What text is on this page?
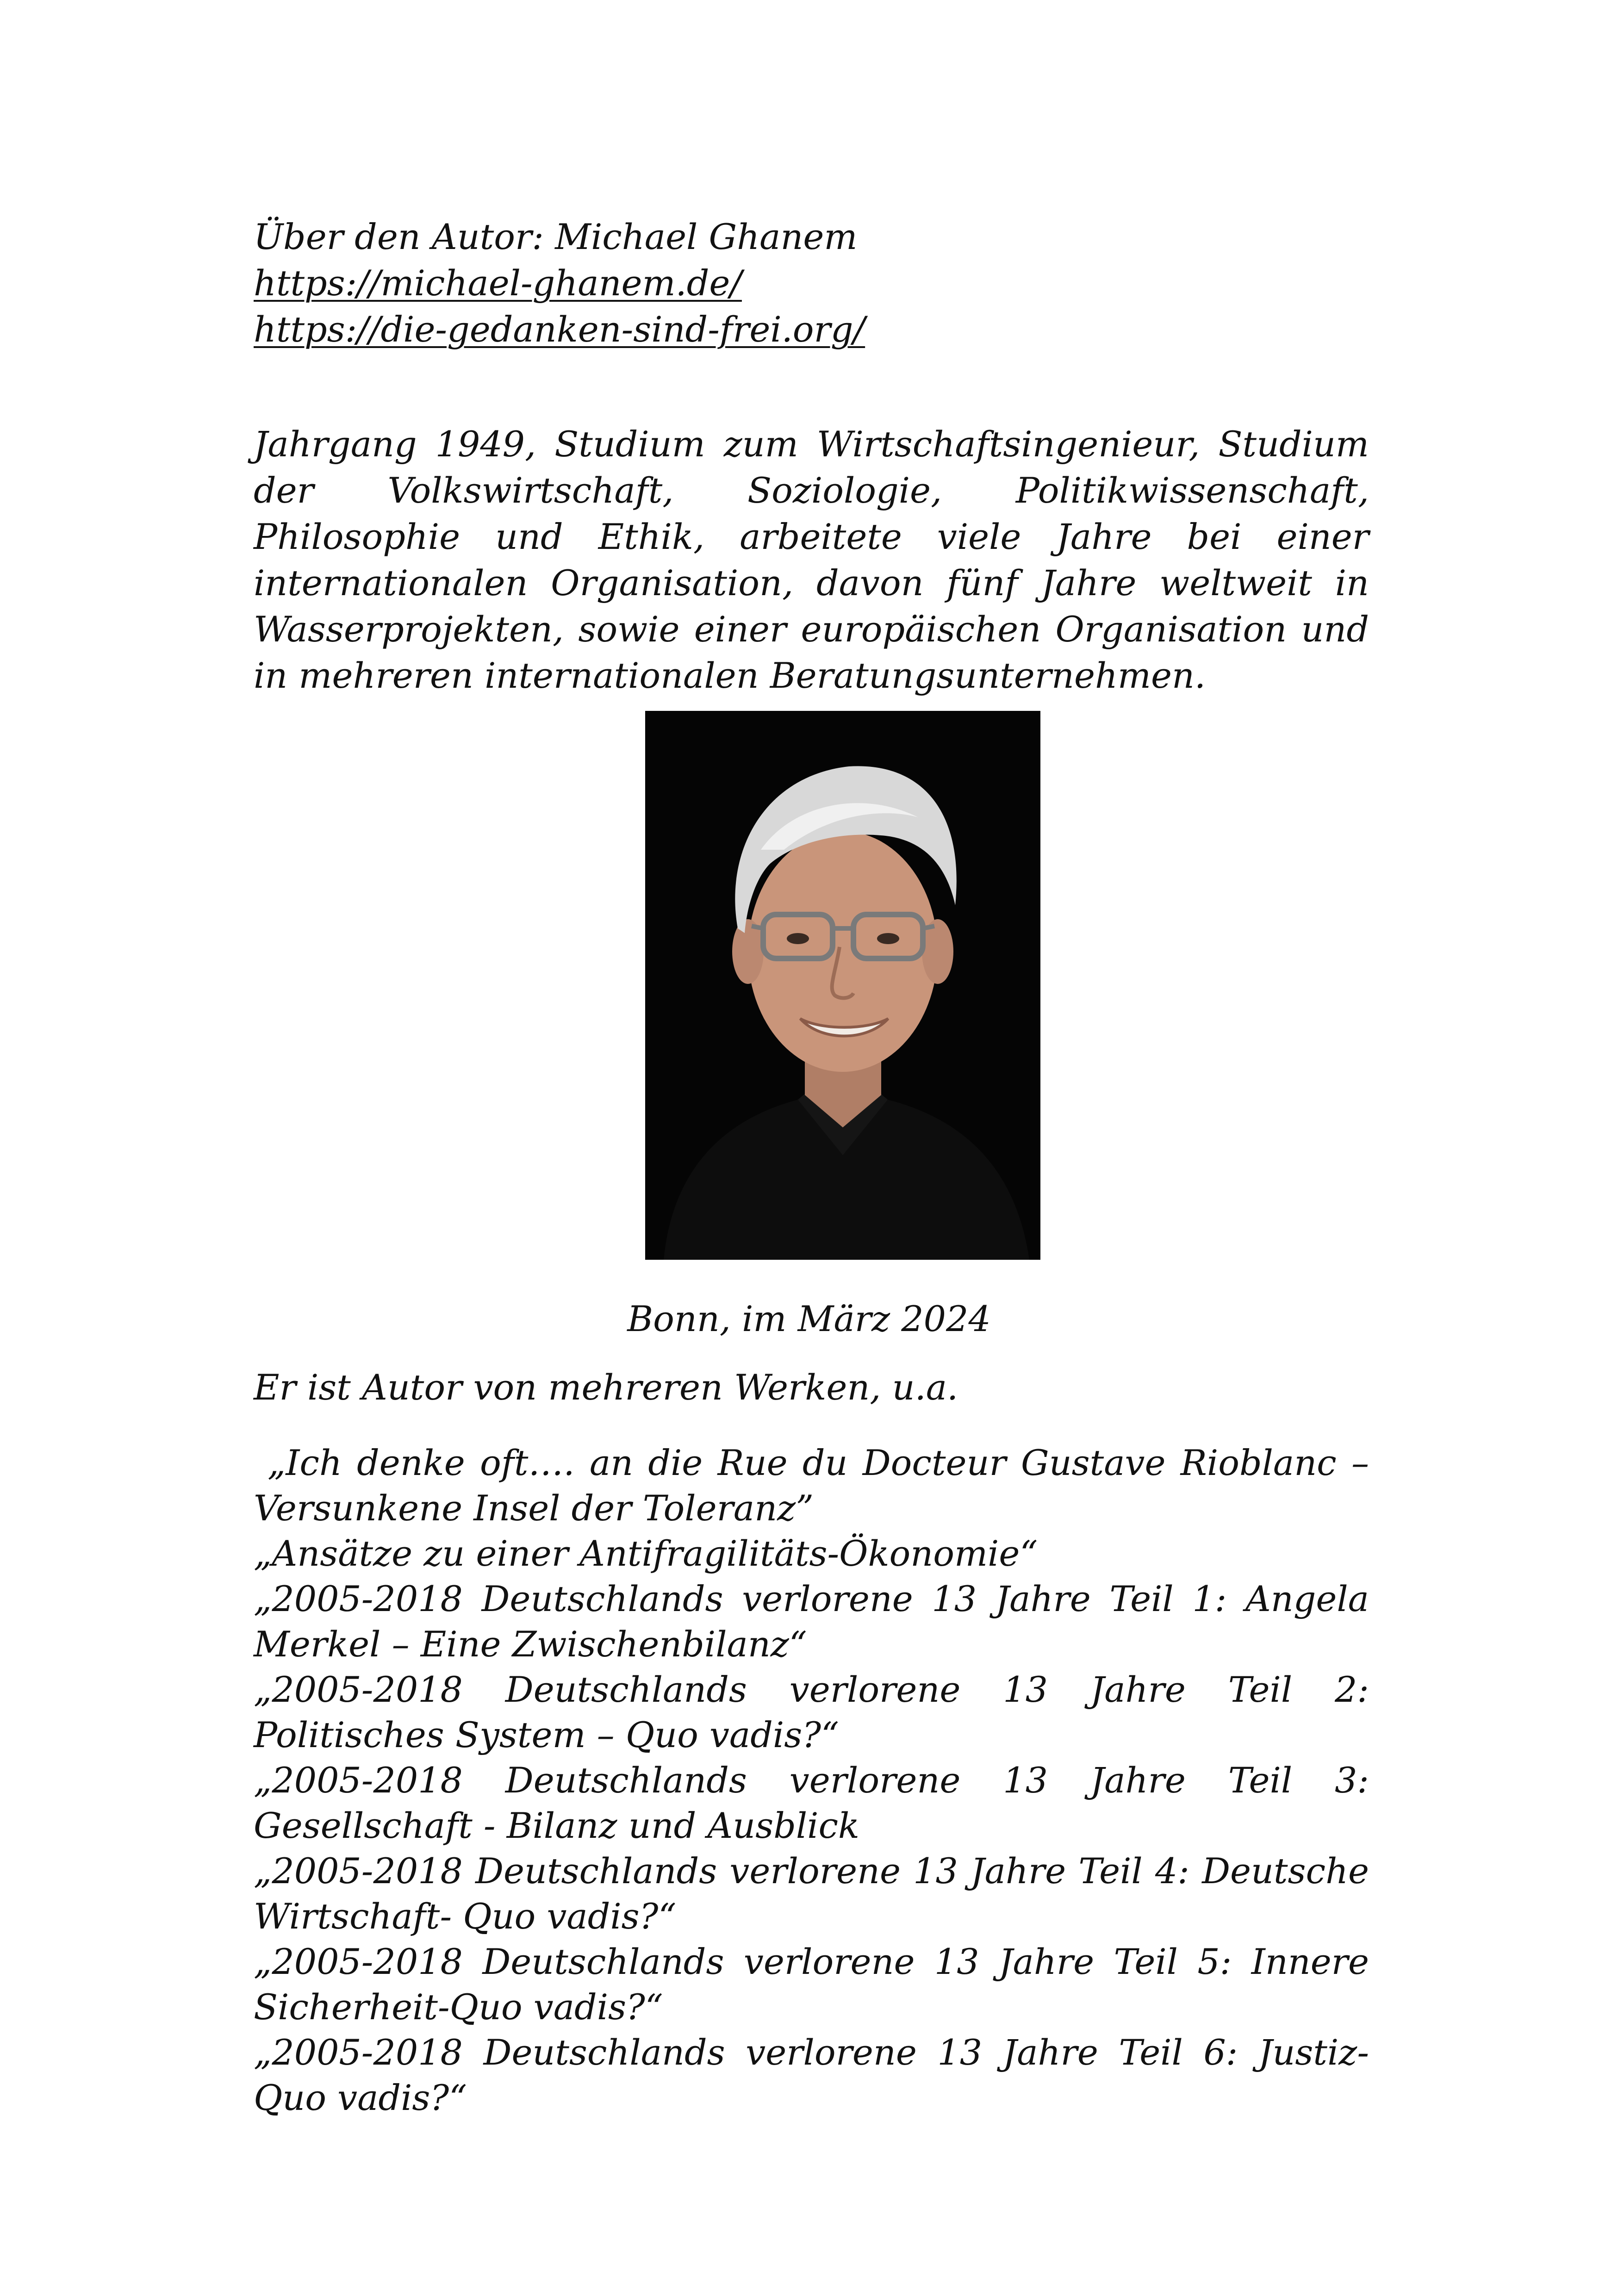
Über den Autor: Michael Ghanem

https://michael-ghanem.de/

https://die-gedanken-sind-frei.org/

Jahrgang 1949, Studium zum Wirtschaftsingenieur, Studium der Volkswirtschaft, Soziologie, Politikwissenschaft, Philosophie und Ethik, arbeitete viele Jahre bei einer internationalen Organisation, davon fünf Jahre weltweit in Wasserprojekten, sowie einer europäischen Organisation und in mehreren internationalen Beratungsunternehmen.

Bonn, im März 2024

Er ist Autor von mehreren Werken, u.a.

„Ich denke oft…. an die Rue du Docteur Gustave Rioblanc – Versunkene Insel der Toleranz”

„Ansätze zu einer Antifragilitäts-Ökonomie“

„2005-2018 Deutschlands verlorene 13 Jahre Teil 1: Angela Merkel – Eine Zwischenbilanz“

„2005-2018 Deutschlands verlorene 13 Jahre Teil 2: Politisches System – Quo vadis?“

„2005-2018 Deutschlands verlorene 13 Jahre Teil 3: Gesellschaft - Bilanz und Ausblick

„2005-2018 Deutschlands verlorene 13 Jahre Teil 4: Deutsche Wirtschaft- Quo vadis?“

„2005-2018 Deutschlands verlorene 13 Jahre Teil 5: Innere Sicherheit-Quo vadis?“

„2005-2018 Deutschlands verlorene 13 Jahre Teil 6: Justiz- Quo vadis?“
